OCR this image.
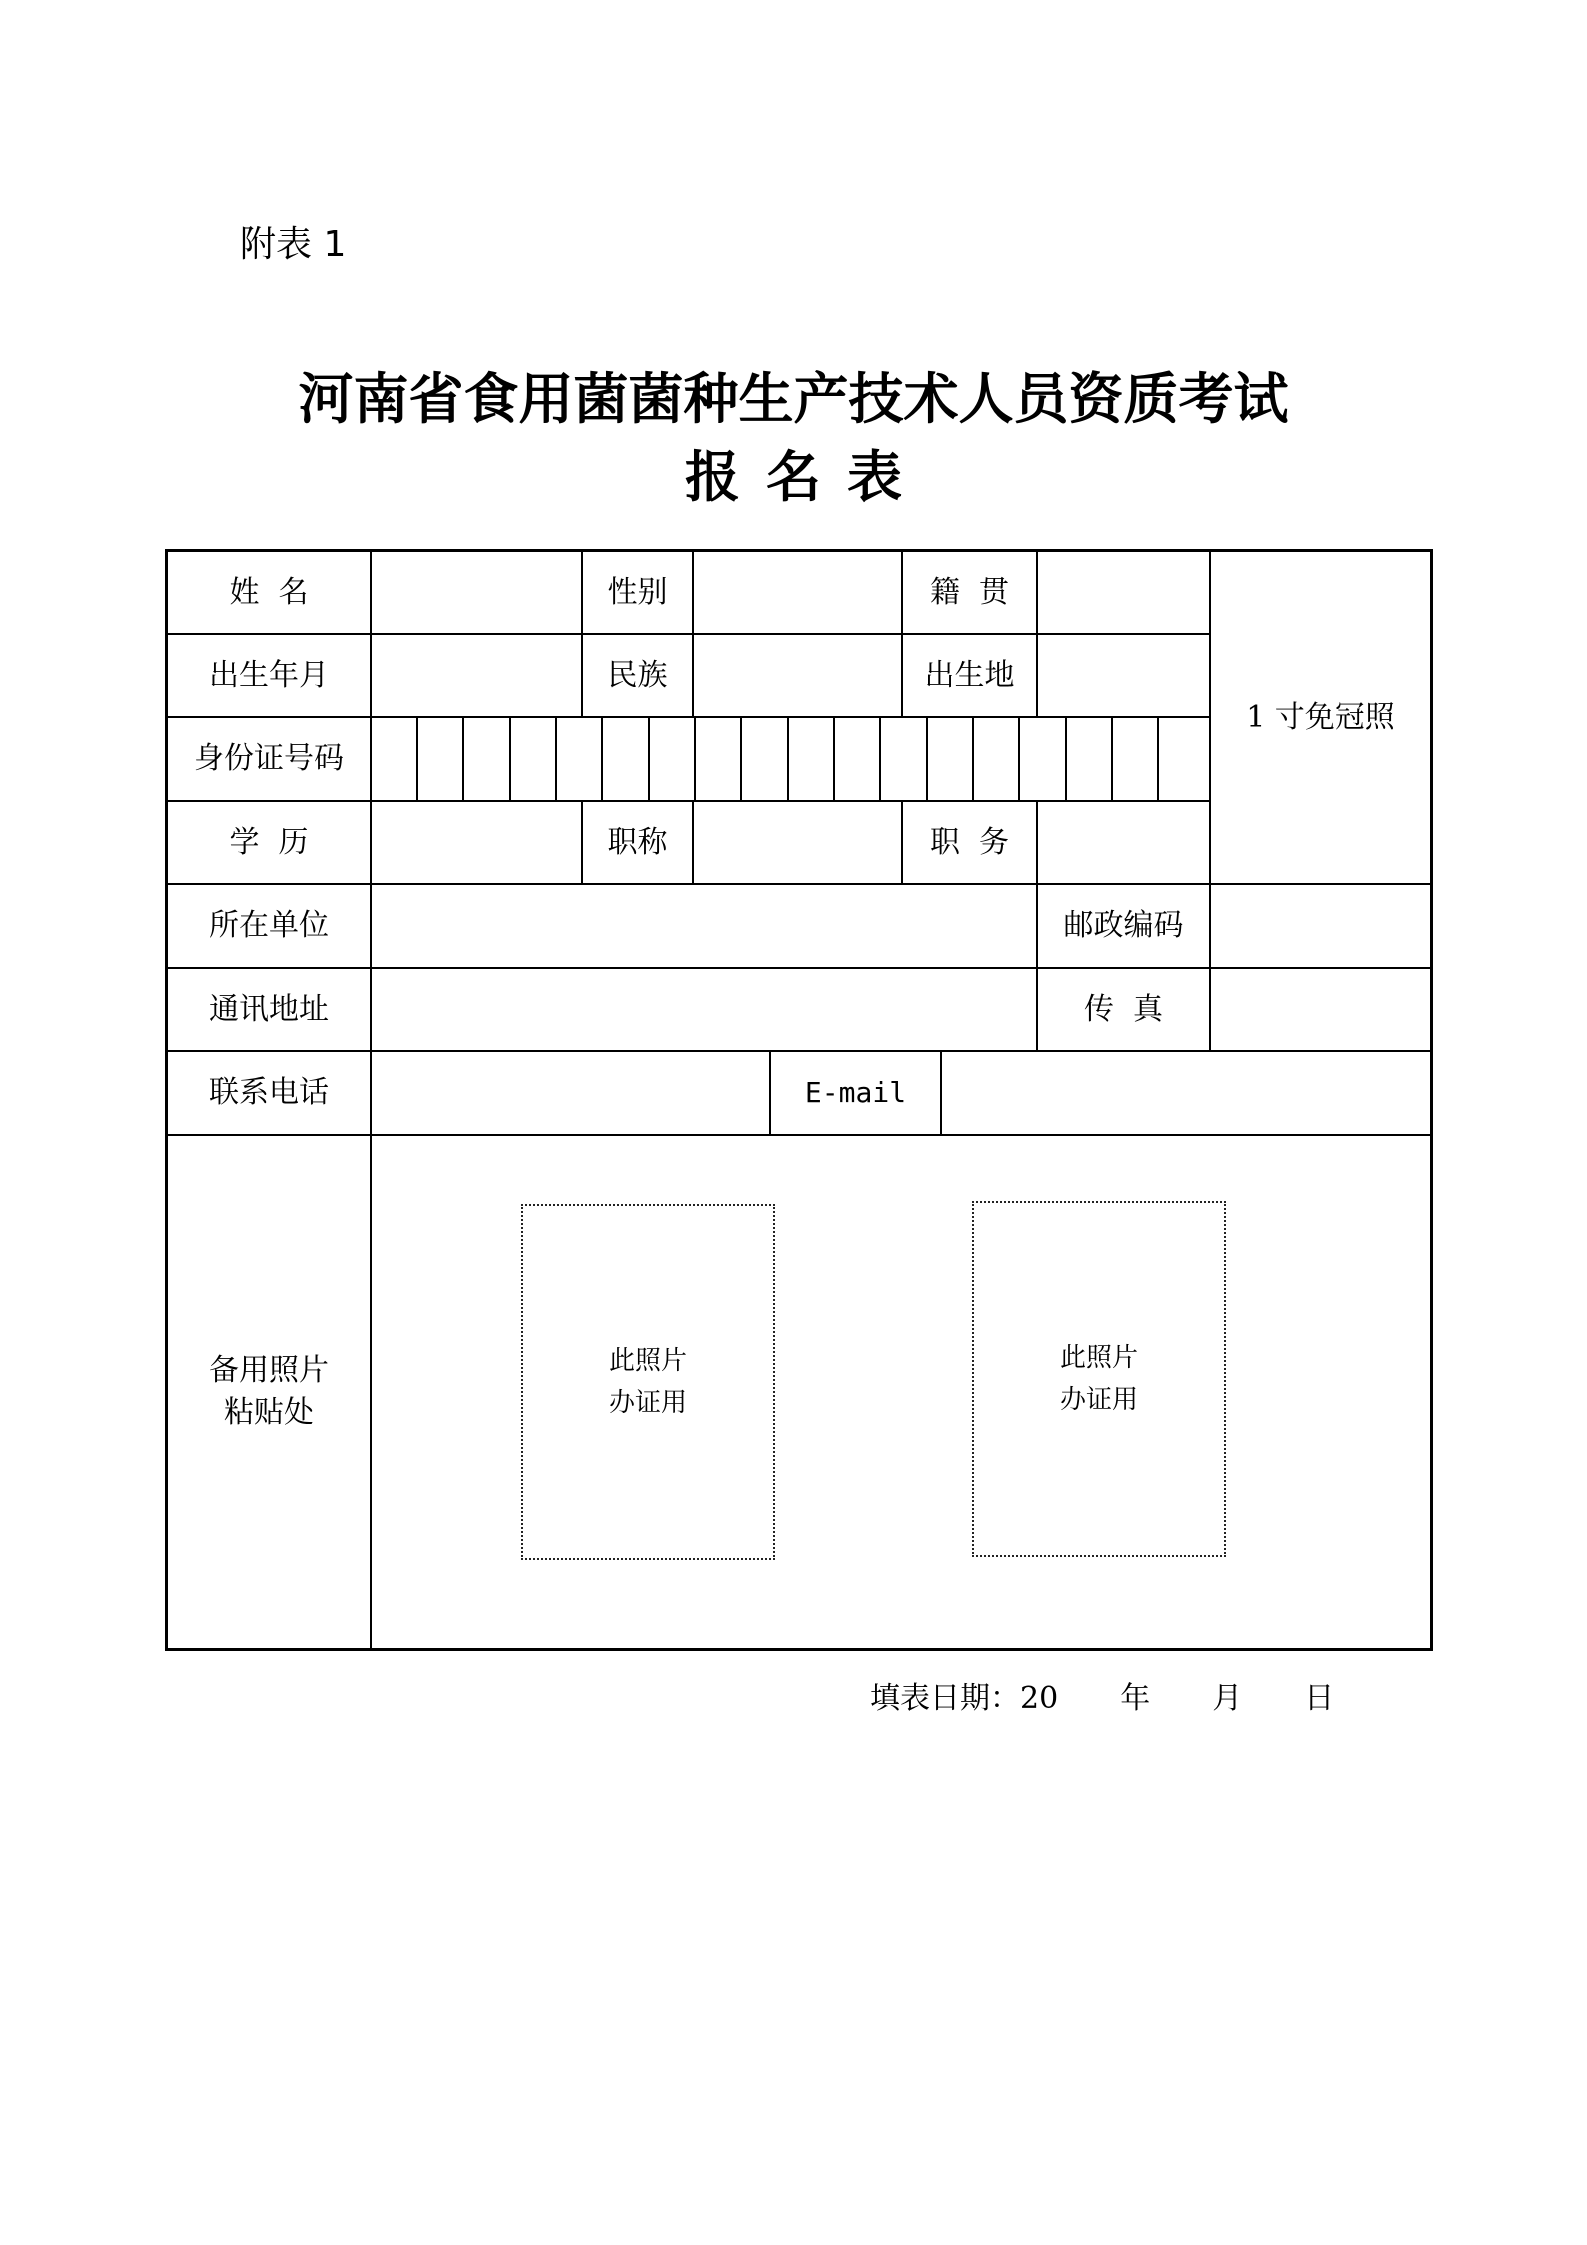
附表 1
河南省食用菌菌种生产技术人员资质考试
报名表
姓  名	性别	籍  贯
1 寸免冠照
出生年月	民族	出生地
身份证号码
学  历	职称	职  务
所在单位	邮政编码
通讯地址	传  真
联系电话	E-mail
备用照片
粘贴处
此照片
办证用
此照片
办证用
填表日期：20 年 月 日
